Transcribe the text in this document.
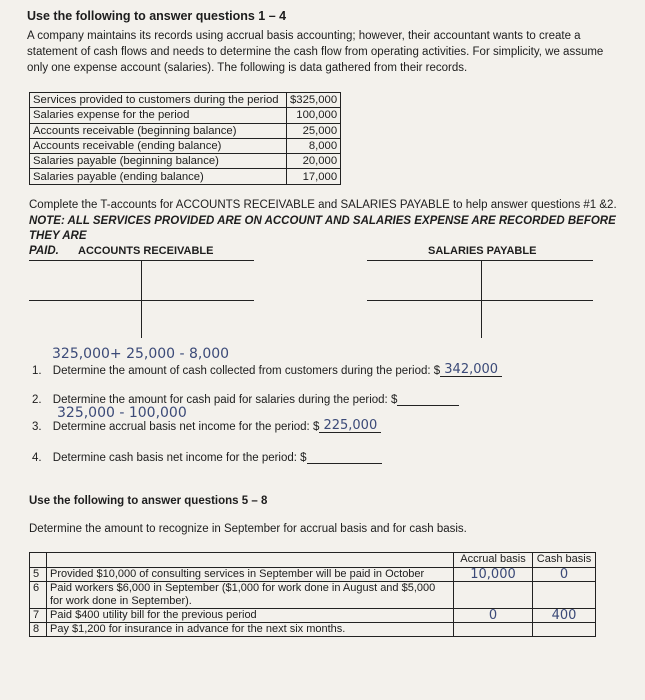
Use the following to answer questions 1 – 4
A company maintains its records using accrual basis accounting; however, their accountant wants to create a
statement of cash flows and needs to determine the cash flow from operating activities. For simplicity, we assume
only one expense account (salaries). The following is data gathered from their records.
Services provided to customers during the period	$325,000
Salaries expense for the period	100,000
Accounts receivable (beginning balance)	25,000
Accounts receivable (ending balance)	8,000
Salaries payable (beginning balance)	20,000
Salaries payable (ending balance)	17,000
Complete the T-accounts for ACCOUNTS RECEIVABLE and SALARIES PAYABLE to help answer questions #1 &2.
NOTE: ALL SERVICES PROVIDED ARE ON ACCOUNT AND SALARIES EXPENSE ARE RECORDED BEFORE THEY ARE
PAID.	ACCOUNTS RECEIVABLE	SALARIES PAYABLE
325,000+ 25,000 - 8,000
1. Determine the amount of cash collected from customers during the period: $ 342,000
2. Determine the amount for cash paid for salaries during the period: $
325,000 - 100,000
3. Determine accrual basis net income for the period: $ 225,000
4. Determine cash basis net income for the period: $
Use the following to answer questions 5 – 8
Determine the amount to recognize in September for accrual basis and for cash basis.
		Accrual basis	Cash basis
5	Provided $10,000 of consulting services in September will be paid in October	10,000	0
6	Paid workers $6,000 in September ($1,000 for work done in August and $5,000
for work done in September).		

7	Paid $400 utility bill for the previous period	0	400
8	Pay $1,200 for insurance in advance for the next six months.		
